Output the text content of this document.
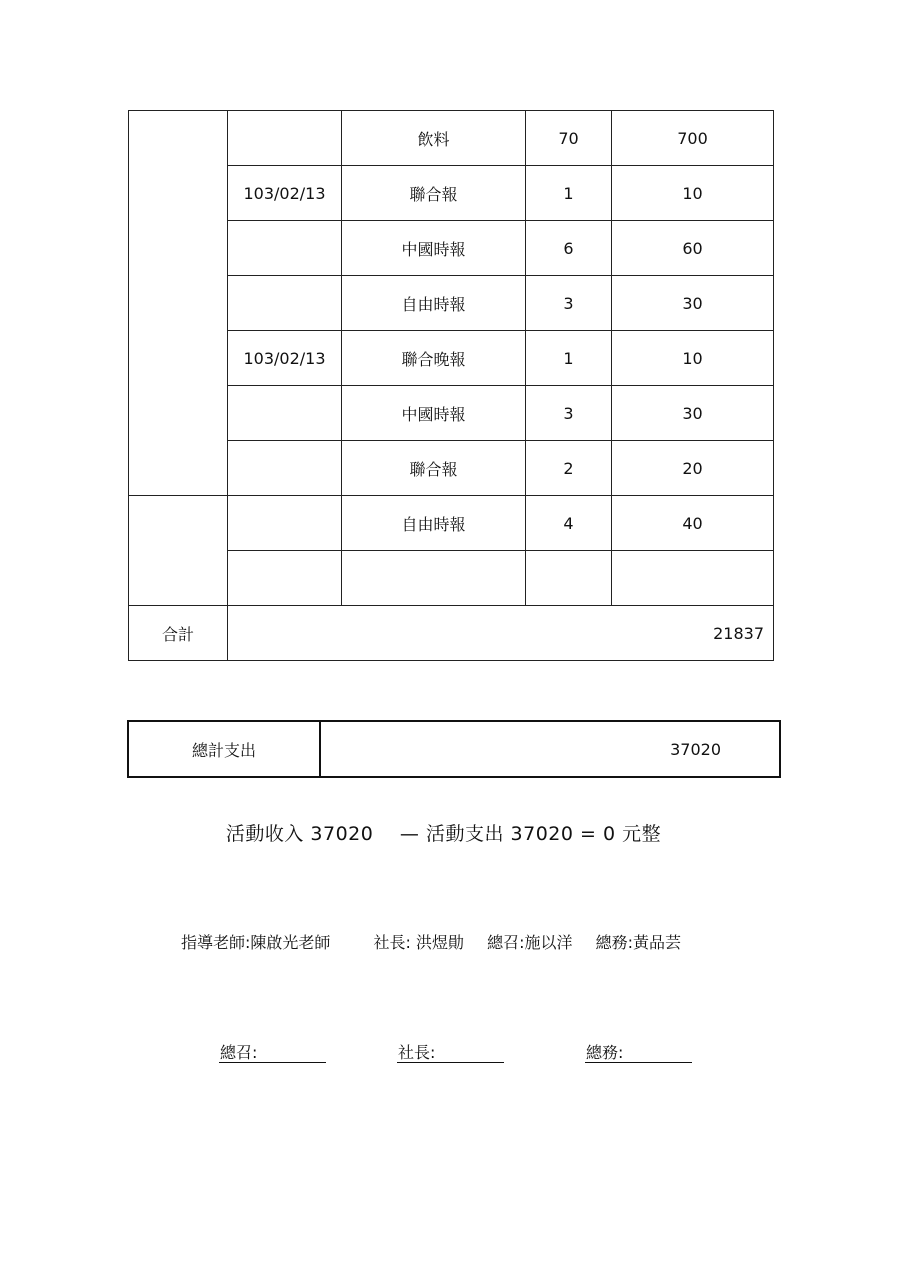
		飲料	70	700
	103/02/13	聯合報	1	10
		中國時報	6	60
		自由時報	3	30
	103/02/13	聯合晚報	1	10
		中國時報	3	30
		聯合報	2	20
		自由時報	4	40

合計	21837			
總計支出	37020
活動收入 37020 — 活動支出 37020 = 0 元整
指導老師:陳啟光老師	社長: 洪煜勛 總召:施以洋 總務:黃品芸
總召:	社長:	總務:
